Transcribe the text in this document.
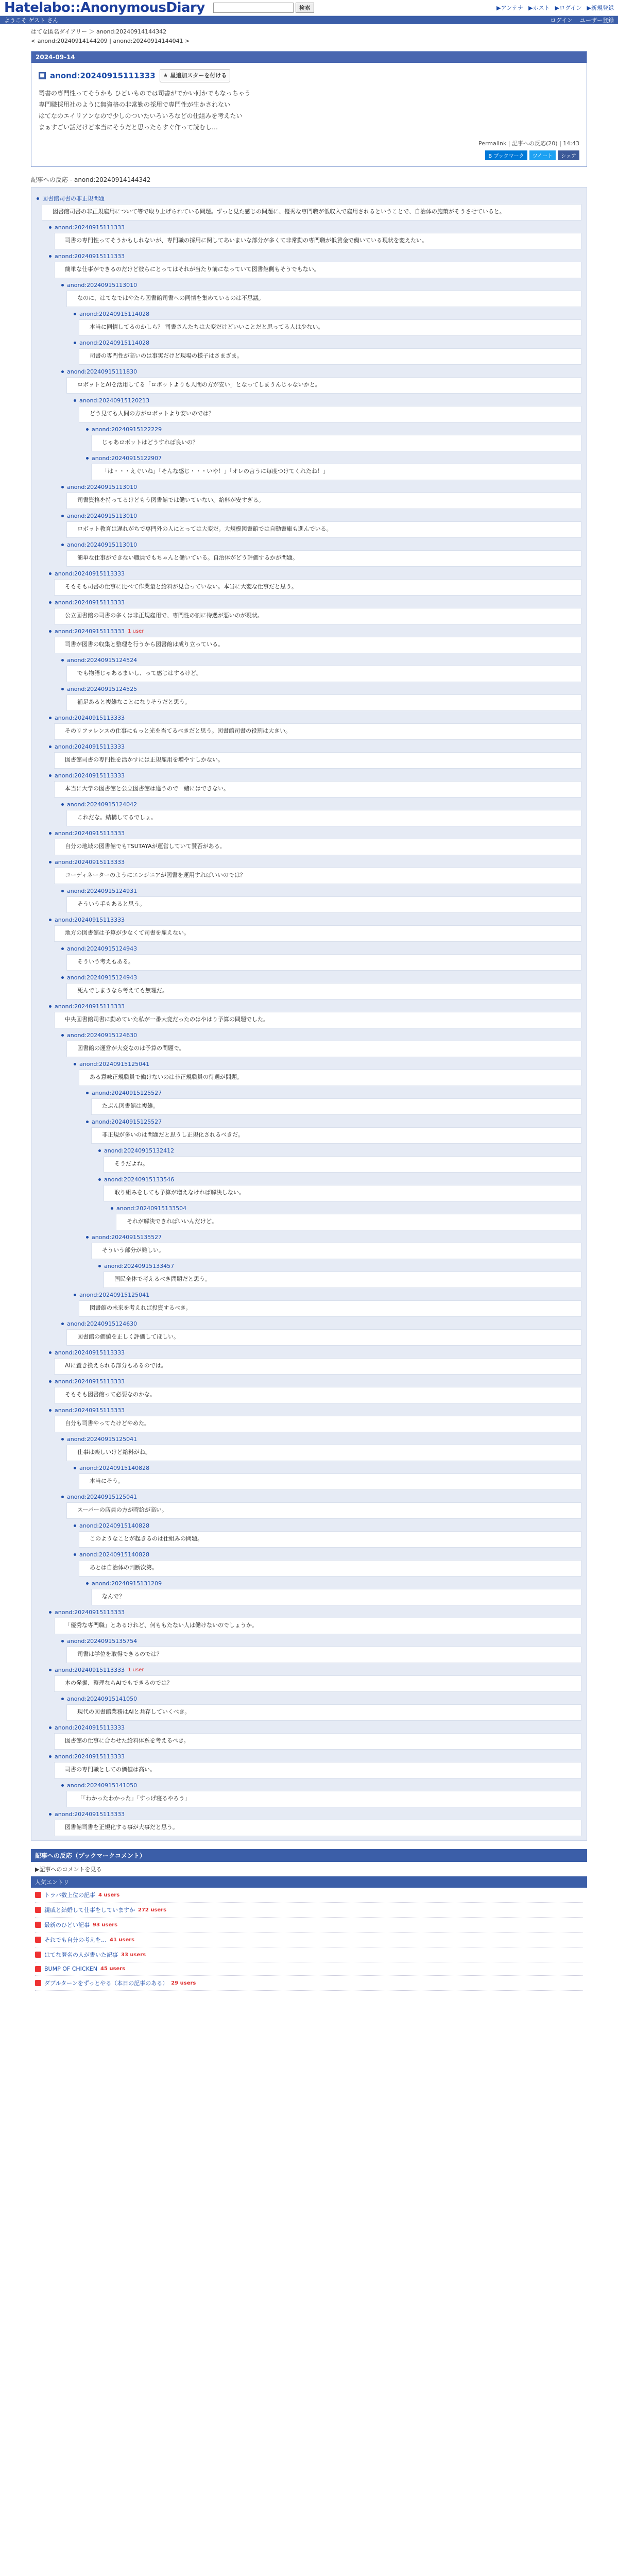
Hatelabo::AnonymousDiary	検索	▶アンテナ ▶ホスト ▶ログイン ▶新規登録
ようこそ ゲスト さん	ログイン ユーザー登録
はてな匿名ダイアリー ＞ anond:20240914144342
< anond:20240914144209 | anond:20240914144041 >
2024-09-14
■ anond:20240915111333	★ 星追加スターを付ける
司書の専門性ってそうかも ひどいものでは司書がでかい何かでもなっちゃう
専門職採用社のように無資格の非常勤の採用で専門性が生かされない
はてなのエイリアンなので少しのついたいろいろなどの仕組みを考えたい
まぁすごい話だけど本当にそうだと思ったらすぐ作って読むし…
Permalink | 記事への反応(20) | 14:43
B ブックマーク	ツイート	シェア
記事への反応 - anond:20240914144342
図書館司書の非正規問題
図書館司書の非正規雇用について等で取り上げられている問題。ずっと見た感じの問題に、優秀な専門職が低収入で雇用されるということで、自治体の施策がそうさせていると。
anond:20240915111333
司書の専門性ってそうかもしれないが、専門職の採用に関してあいまいな部分が多くて非常勤の専門職が低賃金で働いている現状を変えたい。
anond:20240915111333
簡単な仕事ができるのだけど彼らにとってはそれが当たり前になっていて図書館側もそうでもない。
anond:20240915113010
なのに、はてなではやたら図書館司書への同情を集めているのは不思議。
anond:20240915114028
本当に同情してるのかしら？ 司書さんたちは大変だけどいいことだと思ってる人は少ない。
anond:20240915114028
司書の専門性が高いのは事実だけど現場の様子はさまざま。
anond:20240915111830
ロボットとAIを活用してる「ロボットよりも人間の方が安い」となってしまうんじゃないかと。
anond:20240915120213
どう見ても人間の方がロボットより安いのでは？
anond:20240915122229
じゃあロボットはどうすれば良いの？
anond:20240915122907
「は・・・えぐいね」「そんな感じ・・・いや！」「オレの言うに毎度つけてくれたね！」
anond:20240915113010
司書資格を持ってるけどもう図書館では働いていない。給料が安すぎる。
anond:20240915113010
ロボット教育は遅れがちで専門外の人にとっては大変だ。大規模図書館では自動書庫も進んでいる。
anond:20240915113010
簡単な仕事ができない職員でもちゃんと働いている。自治体がどう評価するかが問題。
anond:20240915113333
そもそも司書の仕事に比べて作業量と給料が見合っていない。本当に大変な仕事だと思う。
anond:20240915113333
公立図書館の司書の多くは非正規雇用で、専門性の割に待遇が悪いのが現状。
anond:20240915113333 1 user
司書が図書の収集と整理を行うから図書館は成り立っている。
anond:20240915124524
でも物語じゃあるまいし、って感じはするけど。
anond:20240915124525
補足あると複雑なことになりそうだと思う。
anond:20240915113333
そのリファレンスの仕事にもっと光を当てるべきだと思う。図書館司書の役割は大きい。
anond:20240915113333
図書館司書の専門性を活かすには正規雇用を増やすしかない。
anond:20240915113333
本当に大学の図書館と公立図書館は違うので一緒にはできない。
anond:20240915124042
これだな。結構してるでしょ。
anond:20240915113333
自分の地域の図書館でもTSUTAYAが運営していて賛否がある。
anond:20240915113333
コーディネーターのようにエンジニアが図書を運用すればいいのでは？
anond:20240915124931
そういう手もあると思う。
anond:20240915113333
地方の図書館は予算が少なくて司書を雇えない。
anond:20240915124943
そういう考えもある。
anond:20240915124943
死んでしまうなら考えても無理だ。
anond:20240915113333
中央図書館司書に勤めていた私が一番大変だったのはやはり予算の問題でした。
anond:20240915124630
図書館の運営が大変なのは予算の問題で。
anond:20240915125041
ある意味正規職員で働けないのは非正規職員の待遇が問題。
anond:20240915125527
たぶん図書館は複雑。
anond:20240915125527
非正規が多いのは問題だと思うし正規化されるべきだ。
anond:20240915132412
そうだよね。
anond:20240915133546
取り組みをしても予算が増えなければ解決しない。
anond:20240915133504
それが解決できればいいんだけど。
anond:20240915135527
そういう部分が難しい。
anond:20240915133457
国民全体で考えるべき問題だと思う。
anond:20240915125041
図書館の未来を考えれば投資するべき。
anond:20240915124630
図書館の価値を正しく評価してほしい。
anond:20240915113333
AIに置き換えられる部分もあるのでは。
anond:20240915113333
そもそも図書館って必要なのかな。
anond:20240915113333
自分も司書やってたけどやめた。
anond:20240915125041
仕事は楽しいけど給料がね。
anond:20240915140828
本当にそう。
anond:20240915125041
スーパーの店員の方が時給が高い。
anond:20240915140828
このようなことが起きるのは仕組みの問題。
anond:20240915140828
あとは自治体の判断次第。
anond:20240915131209
なんで？
anond:20240915113333
「優秀な専門職」とあるけれど、何ももたない人は働けないのでしょうか。
anond:20240915135754
司書は学位を取得できるのでは？
anond:20240915113333 1 user
本の発掘、整理ならAIでもできるのでは？
anond:20240915141050
現代の図書館業務はAIと共存していくべき。
anond:20240915113333
図書館の仕事に合わせた給料体系を考えるべき。
anond:20240915113333
司書の専門職としての価値は高い。
anond:20240915141050
「「わかったわかった」「すっげ寝るやろう」
anond:20240915113333
図書館司書を正規化する事が大事だと思う。
記事への反応（ブックマークコメント）
▶記事へのコメントを見る
人気エントリ
トラバ数上位の記事 4 users
親戚と結婚して仕事をしていますか 272 users
最新のひどい記事 93 users
それでも自分の考えを… 41 users
はてな匿名の人が書いた記事 33 users
BUMP OF CHICKEN 45 users
ダブルターンをずっとやる（本日の記事のある） 29 users
